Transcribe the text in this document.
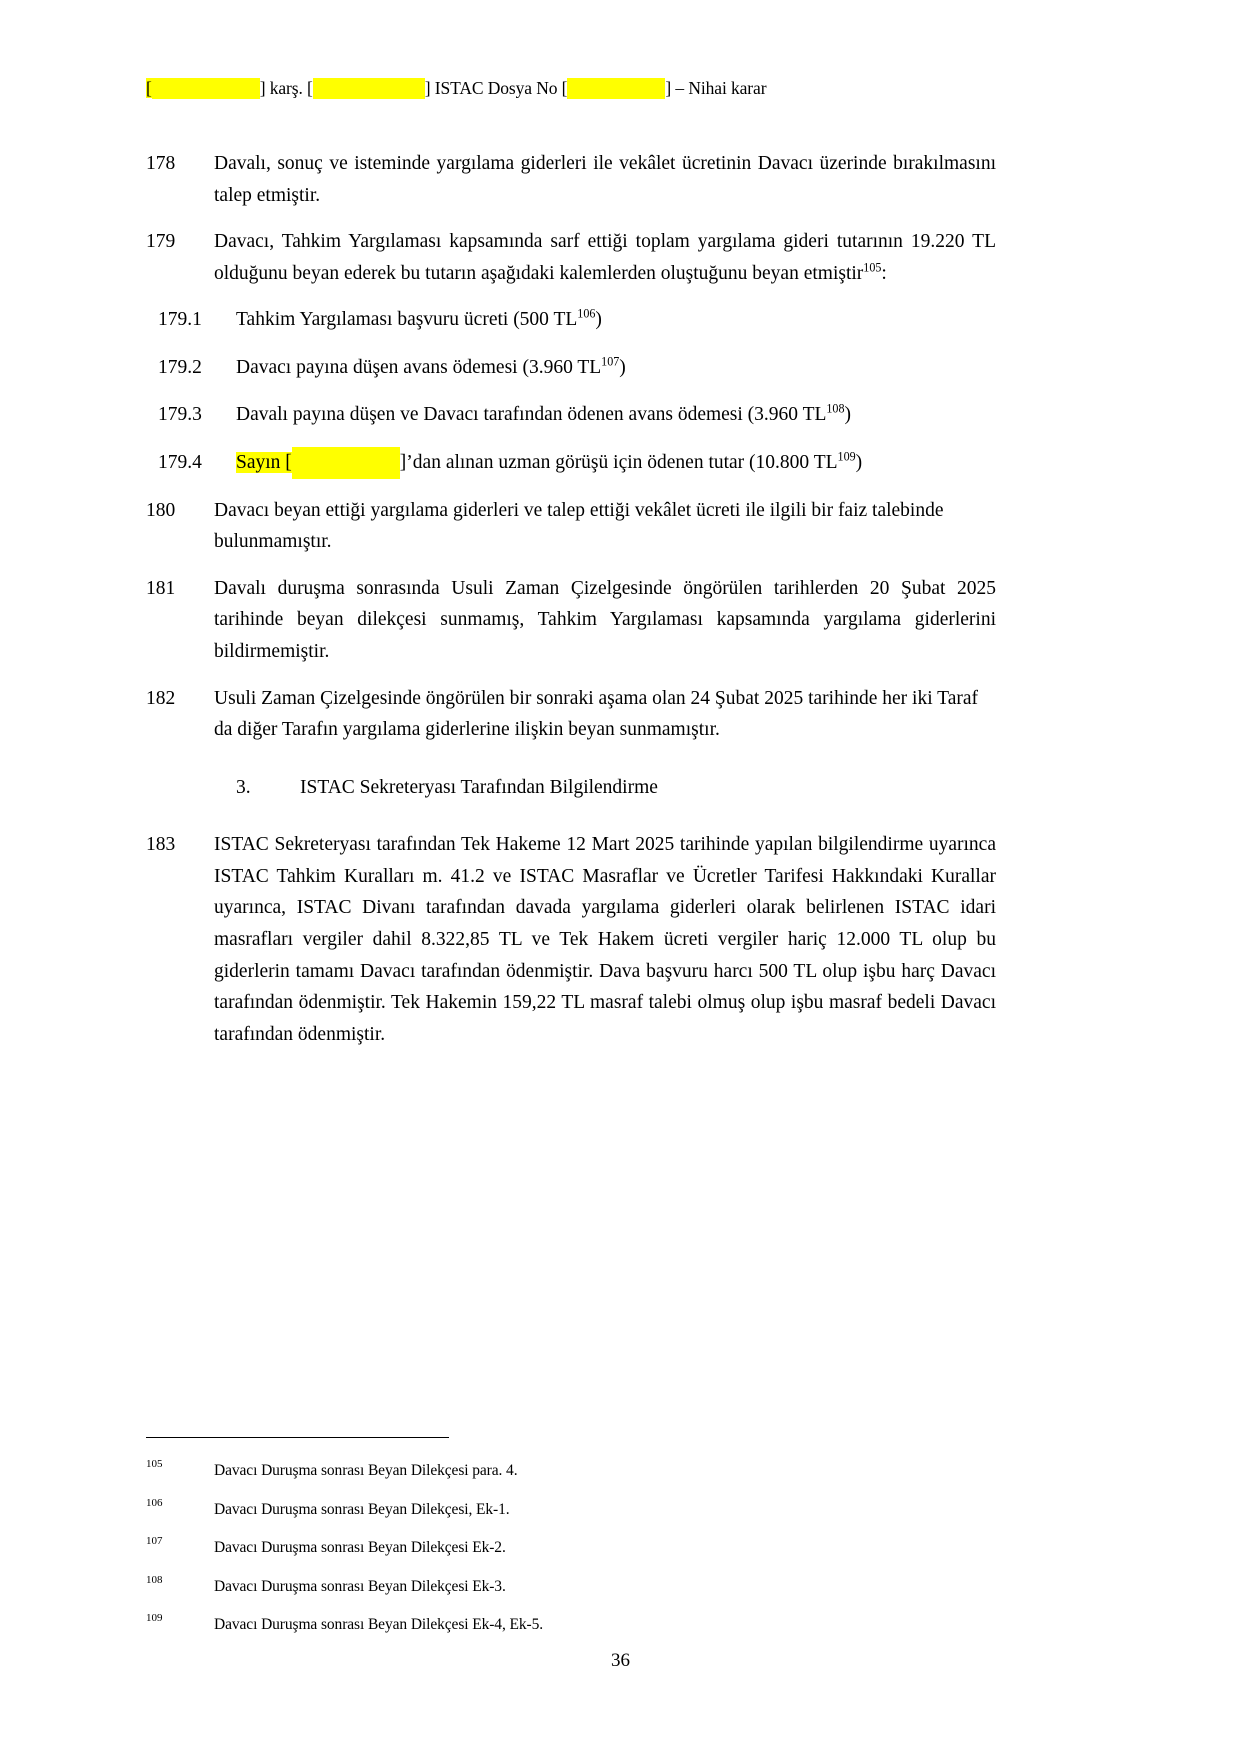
[	] karş. [	] ISTAC Dosya No [	] – Nihai karar
178	Davalı, sonuç ve isteminde yargılama giderleri ile vekâlet ücretinin Davacı üzerinde bırakılmasını talep etmiştir.
179	Davacı, Tahkim Yargılaması kapsamında sarf ettiği toplam yargılama gideri tutarının 19.220 TL olduğunu beyan ederek bu tutarın aşağıdaki kalemlerden oluştuğunu beyan etmiştir$^{105}$:
179.1	Tahkim Yargılaması başvuru ücreti (500 TL$^{106}$)
179.2	Davacı payına düşen avans ödemesi (3.960 TL$^{107}$)
179.3	Davalı payına düşen ve Davacı tarafından ödenen avans ödemesi (3.960 TL$^{108}$)
179.4	Sayın [	]’dan alınan uzman görüşü için ödenen tutar (10.800 TL$^{109}$)
180	Davacı beyan ettiği yargılama giderleri ve talep ettiği vekâlet ücreti ile ilgili bir faiz talebinde bulunmamıştır.
181	Davalı duruşma sonrasında Usuli Zaman Çizelgesinde öngörülen tarihlerden 20 Şubat 2025 tarihinde beyan dilekçesi sunmamış, Tahkim Yargılaması kapsamında yargılama giderlerini bildirmemiştir.
182	Usuli Zaman Çizelgesinde öngörülen bir sonraki aşama olan 24 Şubat 2025 tarihinde her iki Taraf da diğer Tarafın yargılama giderlerine ilişkin beyan sunmamıştır.
3.	ISTAC Sekreteryası Tarafından Bilgilendirme
183	ISTAC Sekreteryası tarafından Tek Hakeme 12 Mart 2025 tarihinde yapılan bilgilendirme uyarınca ISTAC Tahkim Kuralları m. 41.2 ve ISTAC Masraflar ve Ücretler Tarifesi Hakkındaki Kurallar uyarınca, ISTAC Divanı tarafından davada yargılama giderleri olarak belirlenen ISTAC idari masrafları vergiler dahil 8.322,85 TL ve Tek Hakem ücreti vergiler hariç 12.000 TL olup bu giderlerin tamamı Davacı tarafından ödenmiştir. Dava başvuru harcı 500 TL olup işbu harç Davacı tarafından ödenmiştir. Tek Hakemin 159,22 TL masraf talebi olmuş olup işbu masraf bedeli Davacı tarafından ödenmiştir.
105	Davacı Duruşma sonrası Beyan Dilekçesi para. 4.
106	Davacı Duruşma sonrası Beyan Dilekçesi, Ek-1.
107	Davacı Duruşma sonrası Beyan Dilekçesi Ek-2.
108	Davacı Duruşma sonrası Beyan Dilekçesi Ek-3.
109	Davacı Duruşma sonrası Beyan Dilekçesi Ek-4, Ek-5.
36
